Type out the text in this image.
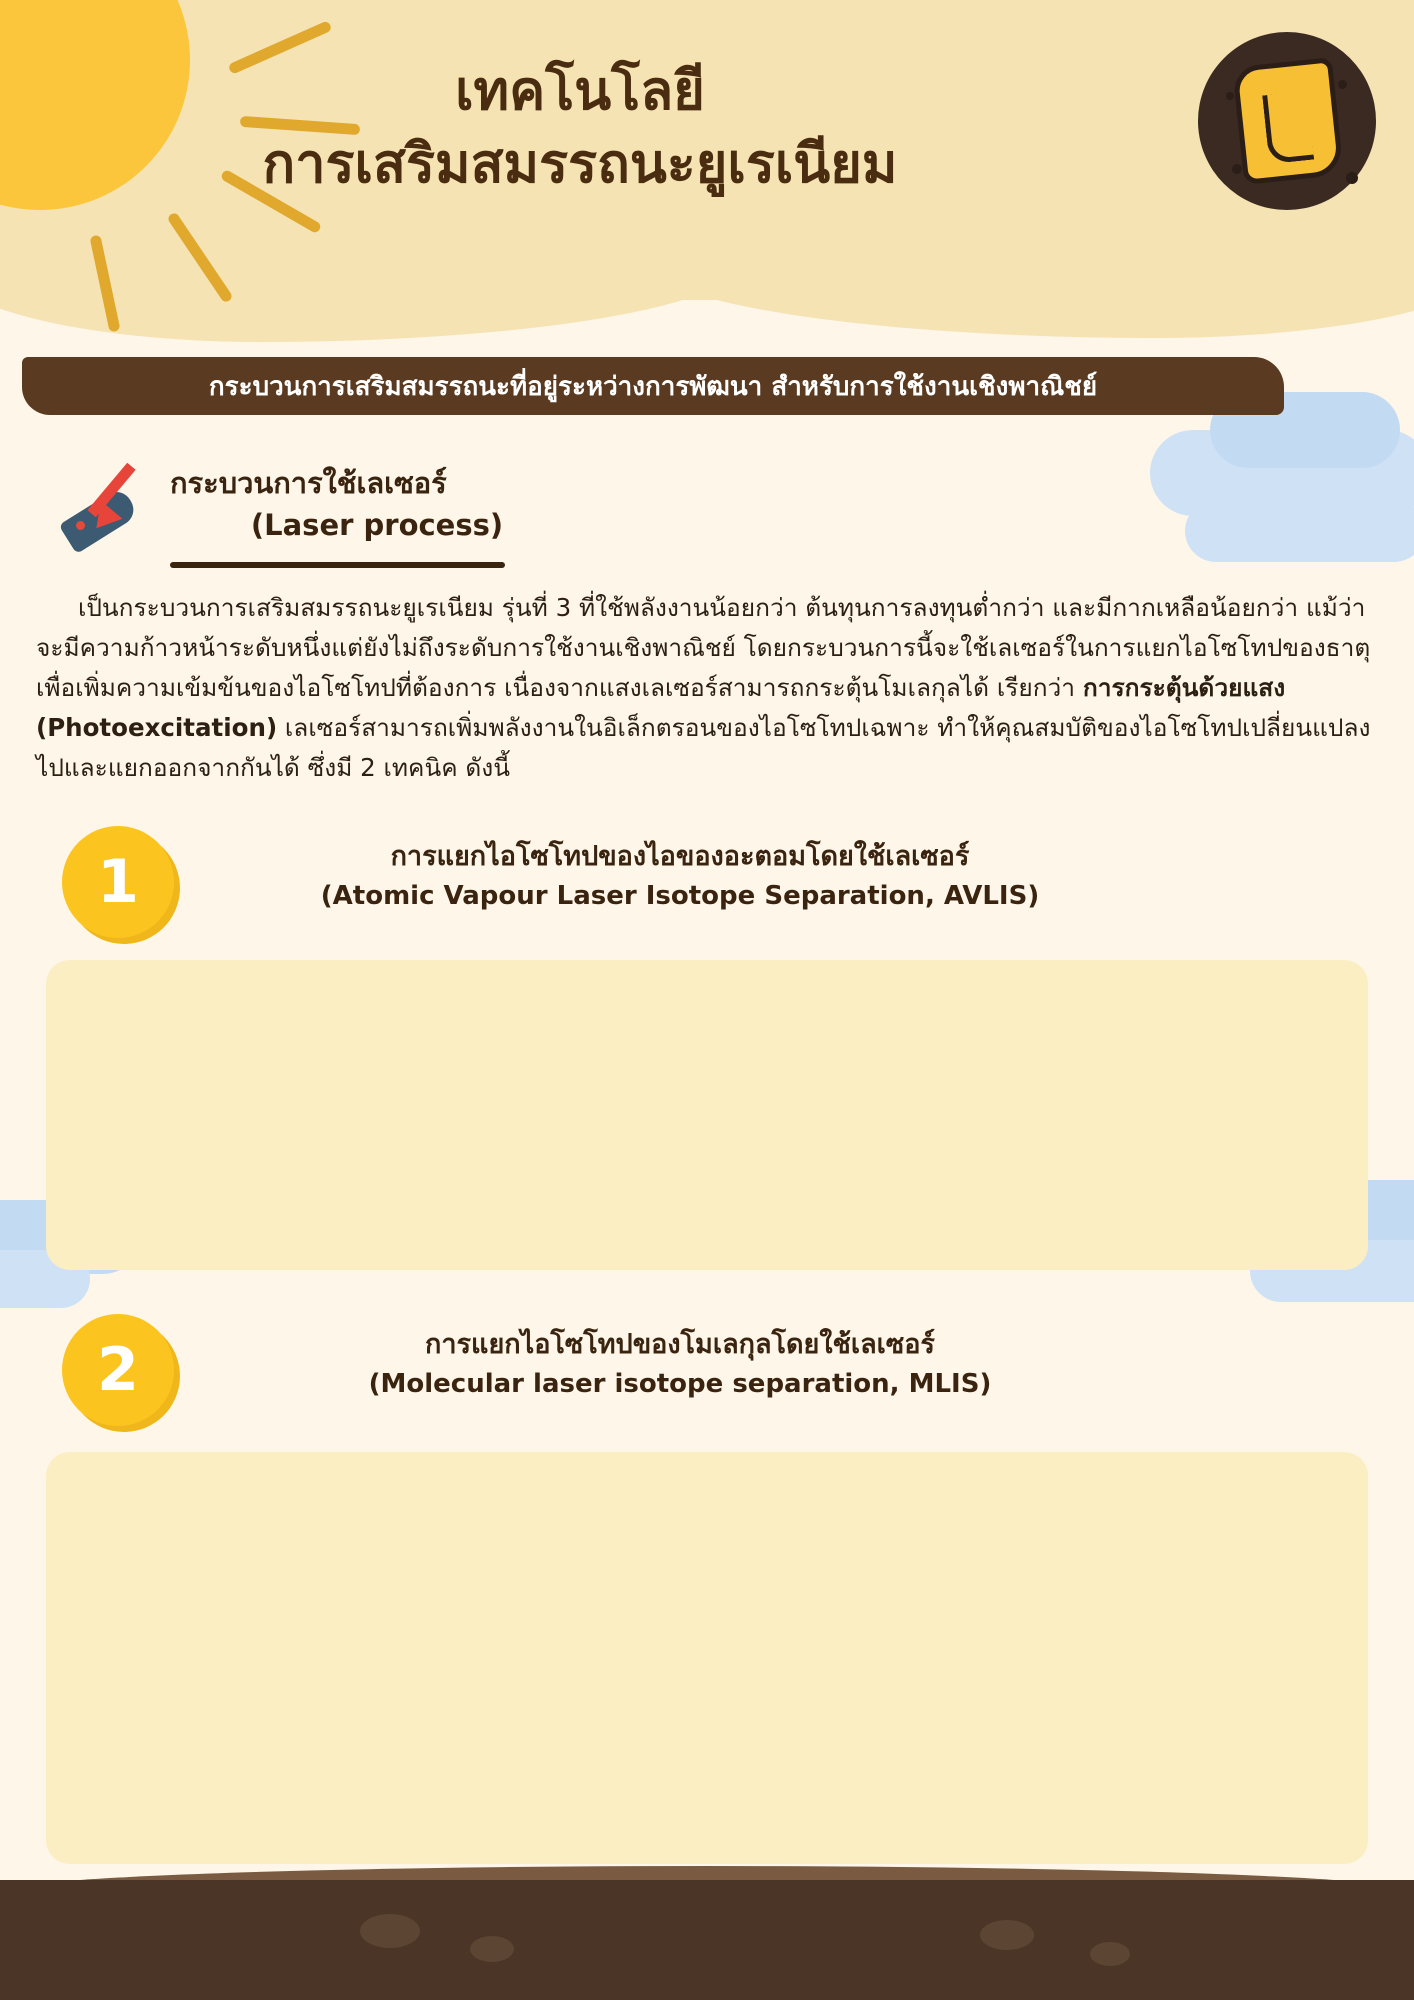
เทคโนโลยี
การเสริมสมรรถนะยูเรเนียม
กระบวนการเสริมสมรรถนะที่อยู่ระหว่างการพัฒนา สำหรับการใช้งานเชิงพาณิชย์
กระบวนการใช้เลเซอร์
(Laser process)
เป็นกระบวนการเสริมสมรรถนะยูเรเนียม รุ่นที่ 3 ที่ใช้พลังงานน้อยกว่า ต้นทุนการลงทุนต่ำกว่า และมีกากเหลือน้อยกว่า แม้ว่าจะมีความก้าวหน้าระดับหนึ่งแต่ยังไม่ถึงระดับการใช้งานเชิงพาณิชย์ โดยกระบวนการนี้จะใช้เลเซอร์ในการแยกไอโซโทปของธาตุ เพื่อเพิ่มความเข้มข้นของไอโซโทปที่ต้องการ เนื่องจากแสงเลเซอร์สามารถกระตุ้นโมเลกุลได้ เรียกว่า การกระตุ้นด้วยแสง (Photoexcitation) เลเซอร์สามารถเพิ่มพลังงานในอิเล็กตรอนของไอโซโทปเฉพาะ ทำให้คุณสมบัติของไอโซโทปเปลี่ยนแปลงไปและแยกออกจากกันได้ ซึ่งมี 2 เทคนิค ดังนี้
1	การแยกไอโซโทปของไอของอะตอมโดยใช้เลเซอร์
(Atomic Vapour Laser Isotope Separation, AVLIS)
•
•
2	การแยกไอโซโทปของโมเลกุลโดยใช้เลเซอร์
(Molecular laser isotope separation, MLIS)
•
•
